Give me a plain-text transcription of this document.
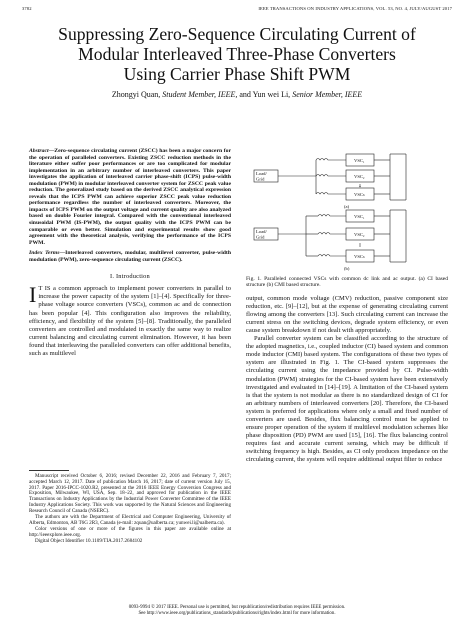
3782	IEEE TRANSACTIONS ON INDUSTRY APPLICATIONS, VOL. 53, NO. 4, JULY/AUGUST 2017
Suppressing Zero-Sequence Circulating Current of
Modular Interleaved Three-Phase Converters
Using Carrier Phase Shift PWM
Zhongyi Quan, Student Member, IEEE, and Yun wei Li, Senior Member, IEEE

Abstract—Zero-sequence circulating current (ZSCC) has been a major concern for the operation of paralleled converters. Existing ZSCC reduction methods in the literature either suffer poor performances or are too complicated for modular implementation in an arbitrary number of interleaved converters. This paper investigates the application of interleaved carrier phase-shift (ICPS) pulse-width modulation (PWM) in modular interleaved converter system for ZSCC peak value reduction. The generalized study based on the derived ZSCC analytical expression reveals that the ICPS PWM can achieve superior ZSCC peak value reduction performance regardless the number of interleaved converters. Moreover, the impacts of ICPS PWM on the output voltage and current quality are also analyzed based on double Fourier integral. Compared with the conventional interleaved sinusoidal PWM (IS-PWM), the output quality with the ICPS PWM can be comparable or even better. Simulation and experimental results show good agreement with the theoretical analysis, verifying the performance of the ICPS PWM.

Index Terms—Interleaved converters, modular, multilevel converter, pulse-width modulation (PWM), zero-sequence circulating current (ZSCC).

I. Introduction

I T IS a common approach to implement power converters in parallel to increase the power capacity of the system [1]–[4]. Specifically for three-phase voltage source converters (VSCs), common ac and dc connection has been popular [4]. This configuration also improves the reliability, efficiency, and flexibility of the system [5]–[8]. Traditionally, the paralleled converters are controlled and modulated in exactly the same way to realize current balancing and circulating current elimination. However, it has been found that interleaving the paralleled converters can offer additional benefits, such as multilevel

Manuscript received October 6, 2016; revised December 22, 2016 and February 7, 2017; accepted March 12, 2017. Date of publication March 16, 2017; date of current version July 15, 2017. Paper 2016-IPCC-1020.R2, presented at the 2016 IEEE Energy Conversion Congress and Exposition, Milwaukee, WI, USA, Sep. 18–22, and approved for publication in the IEEE Transactions on Industry Applications by the Industrial Power Converter Committee of the IEEE Industry Applications Society. This work was supported by the Natural Sciences and Engineering Research Council of Canada (NSERC).

The authors are with the Department of Electrical and Computer Engineering, University of Alberta, Edmonton, AB T6G 2R3, Canada (e-mail: zquan@ualberta.ca; yunwei.li@ualberta.ca).

Color versions of one or more of the figures in this paper are available online at http://ieeexplore.ieee.org.

Digital Object Identifier 10.1109/TIA.2017.2684102

Load/
Grid
VSC₁
VSC₂
VSCₙ
(a)
Load/
Grid
VSC₁
VSC₂
VSCₙ
(b)

Fig. 1. Paralleled connected VSCs with common dc link and ac output. (a) CI based structure (b) CMI based structure.

output, common mode voltage (CMV) reduction, passive component size reduction, etc. [9]–[12], but at the expense of generating circulating current flowing among the converters [13]. Such circulating current can increase the current stress on the switching devices, degrade system efficiency, or even cause system breakdown if not dealt with appropriately.

Parallel converter system can be classified according to the structure of the adopted magnetics, i.e., coupled inductor (CI) based system and common mode inductor (CMI) based system. The configurations of these two types of system are illustrated in Fig. 1. The CI-based system suppresses the circulating current using the impedance provided by CI. Pulse-width modulation (PWM) strategies for the CI-based system have been extensively investigated and evaluated in [14]–[19]. A limitation of the CI-based system is that the system is not modular as there is no standardized design of CI for an arbitrary numbers of interleaved converters [20]. Therefore, the CI-based system is preferred for applications where only a small and fixed number of converters are used. Besides, flux balancing control must be applied to ensure proper operation of the system if multilevel modulation schemes like phase disposition (PD) PWM are used [15], [16]. The flux balancing control requires fast and accurate current sensing, which may be difficult if switching frequency is high. Besides, as CI only produces impedance on the circulating current, the system will require additional output filter to reduce

0093-9994 © 2017 IEEE. Personal use is permitted, but republication/redistribution requires IEEE permission.
See http://www.ieee.org/publications_standards/publications/rights/index.html for more information.
